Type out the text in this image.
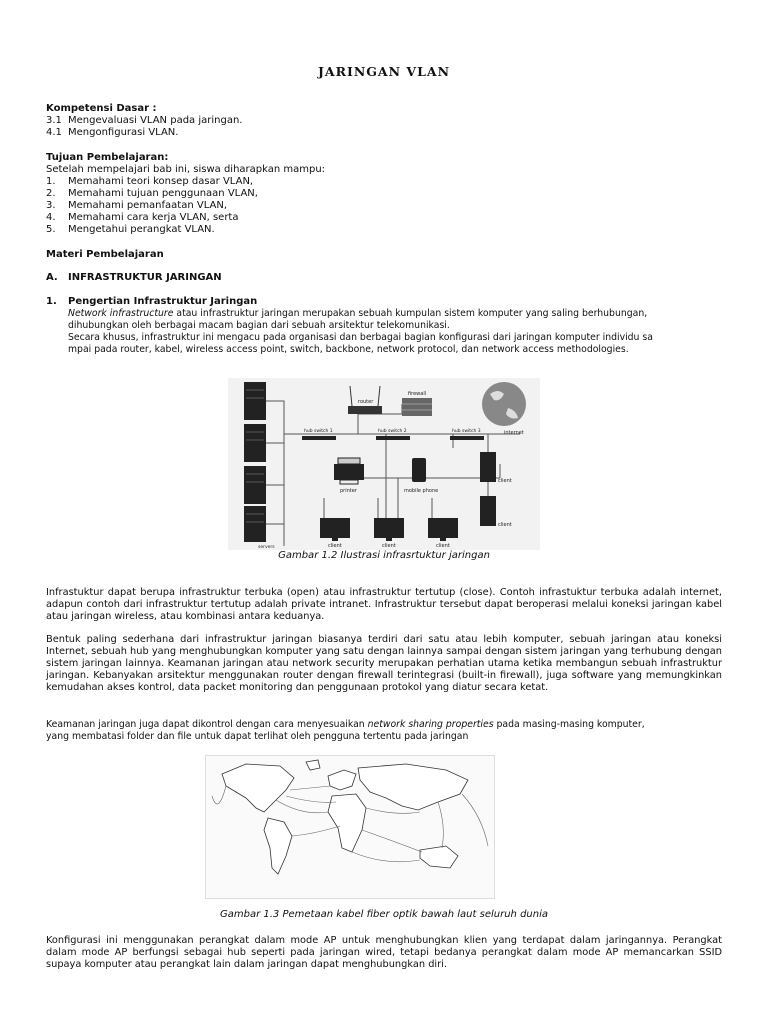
JARINGAN VLAN
Kompetensi Dasar :
3.1 Mengevaluasi VLAN pada jaringan.
4.1 Mengonfigurasi VLAN.
Tujuan Pembelajaran:
Setelah mempelajari bab ini, siswa diharapkan mampu:
1. Memahami teori konsep dasar VLAN,
2. Memahami tujuan penggunaan VLAN,
3. Memahami pemanfaatan VLAN,
4. Memahami cara kerja VLAN, serta
5. Mengetahui perangkat VLAN.
Materi Pembelajaran
A. INFRASTRUKTUR JARINGAN
1. Pengertian Infrastruktur Jaringan
Network infrastructure atau infrastruktur jaringan merupakan sebuah kumpulan sistem komputer yang saling berhubungan,
dihubungkan oleh berbagai macam bagian dari sebuah arsitektur telekomunikasi.
Secara khusus, infrastruktur ini mengacu pada organisasi dan berbagai bagian konfigurasi dari jaringan komputer individu sa
mpai pada router, kabel, wireless access point, switch, backbone, network protocol, dan network access methodologies.
router
firewall
internet
hub switch 1	hub switch 2	hub switch 3
printer	mobile phone
client
client
client	client	client
servers
Gambar 1.2 Ilustrasi infrasrtuktur jaringan
Infrastuktur dapat berupa infrastruktur terbuka (open) atau infrastruktur tertutup (close). Contoh infrastuktur terbuka adalah internet, adapun contoh dari infrastruktur tertutup adalah private intranet. Infrastruktur tersebut dapat beroperasi melalui koneksi jaringan kabel atau jaringan wireless, atau kombinasi antara keduanya.
Bentuk paling sederhana dari infrastruktur jaringan biasanya terdiri dari satu atau lebih komputer, sebuah jaringan atau koneksi Internet, sebuah hub yang menghubungkan komputer yang satu dengan lainnya sampai dengan sistem jaringan yang terhubung dengan sistem jaringan lainnya. Keamanan jaringan atau network security merupakan perhatian utama ketika membangun sebuah infrastruktur jaringan. Kebanyakan arsitektur menggunakan router dengan firewall terintegrasi (built-in firewall), juga software yang memungkinkan kemudahan akses kontrol, data packet monitoring dan penggunaan protokol yang diatur secara ketat.
Keamanan jaringan juga dapat dikontrol dengan cara menyesuaikan network sharing properties pada masing-masing komputer,
yang membatasi folder dan file untuk dapat terlihat oleh pengguna tertentu pada jaringan
Gambar 1.3 Pemetaan kabel fiber optik bawah laut seluruh dunia
Konfigurasi ini menggunakan perangkat dalam mode AP untuk menghubungkan klien yang terdapat dalam jaringannya. Perangkat dalam mode AP berfungsi sebagai hub seperti pada jaringan wired, tetapi bedanya perangkat dalam mode AP memancarkan SSID supaya komputer atau perangkat lain dalam jaringan dapat menghubungkan diri.
